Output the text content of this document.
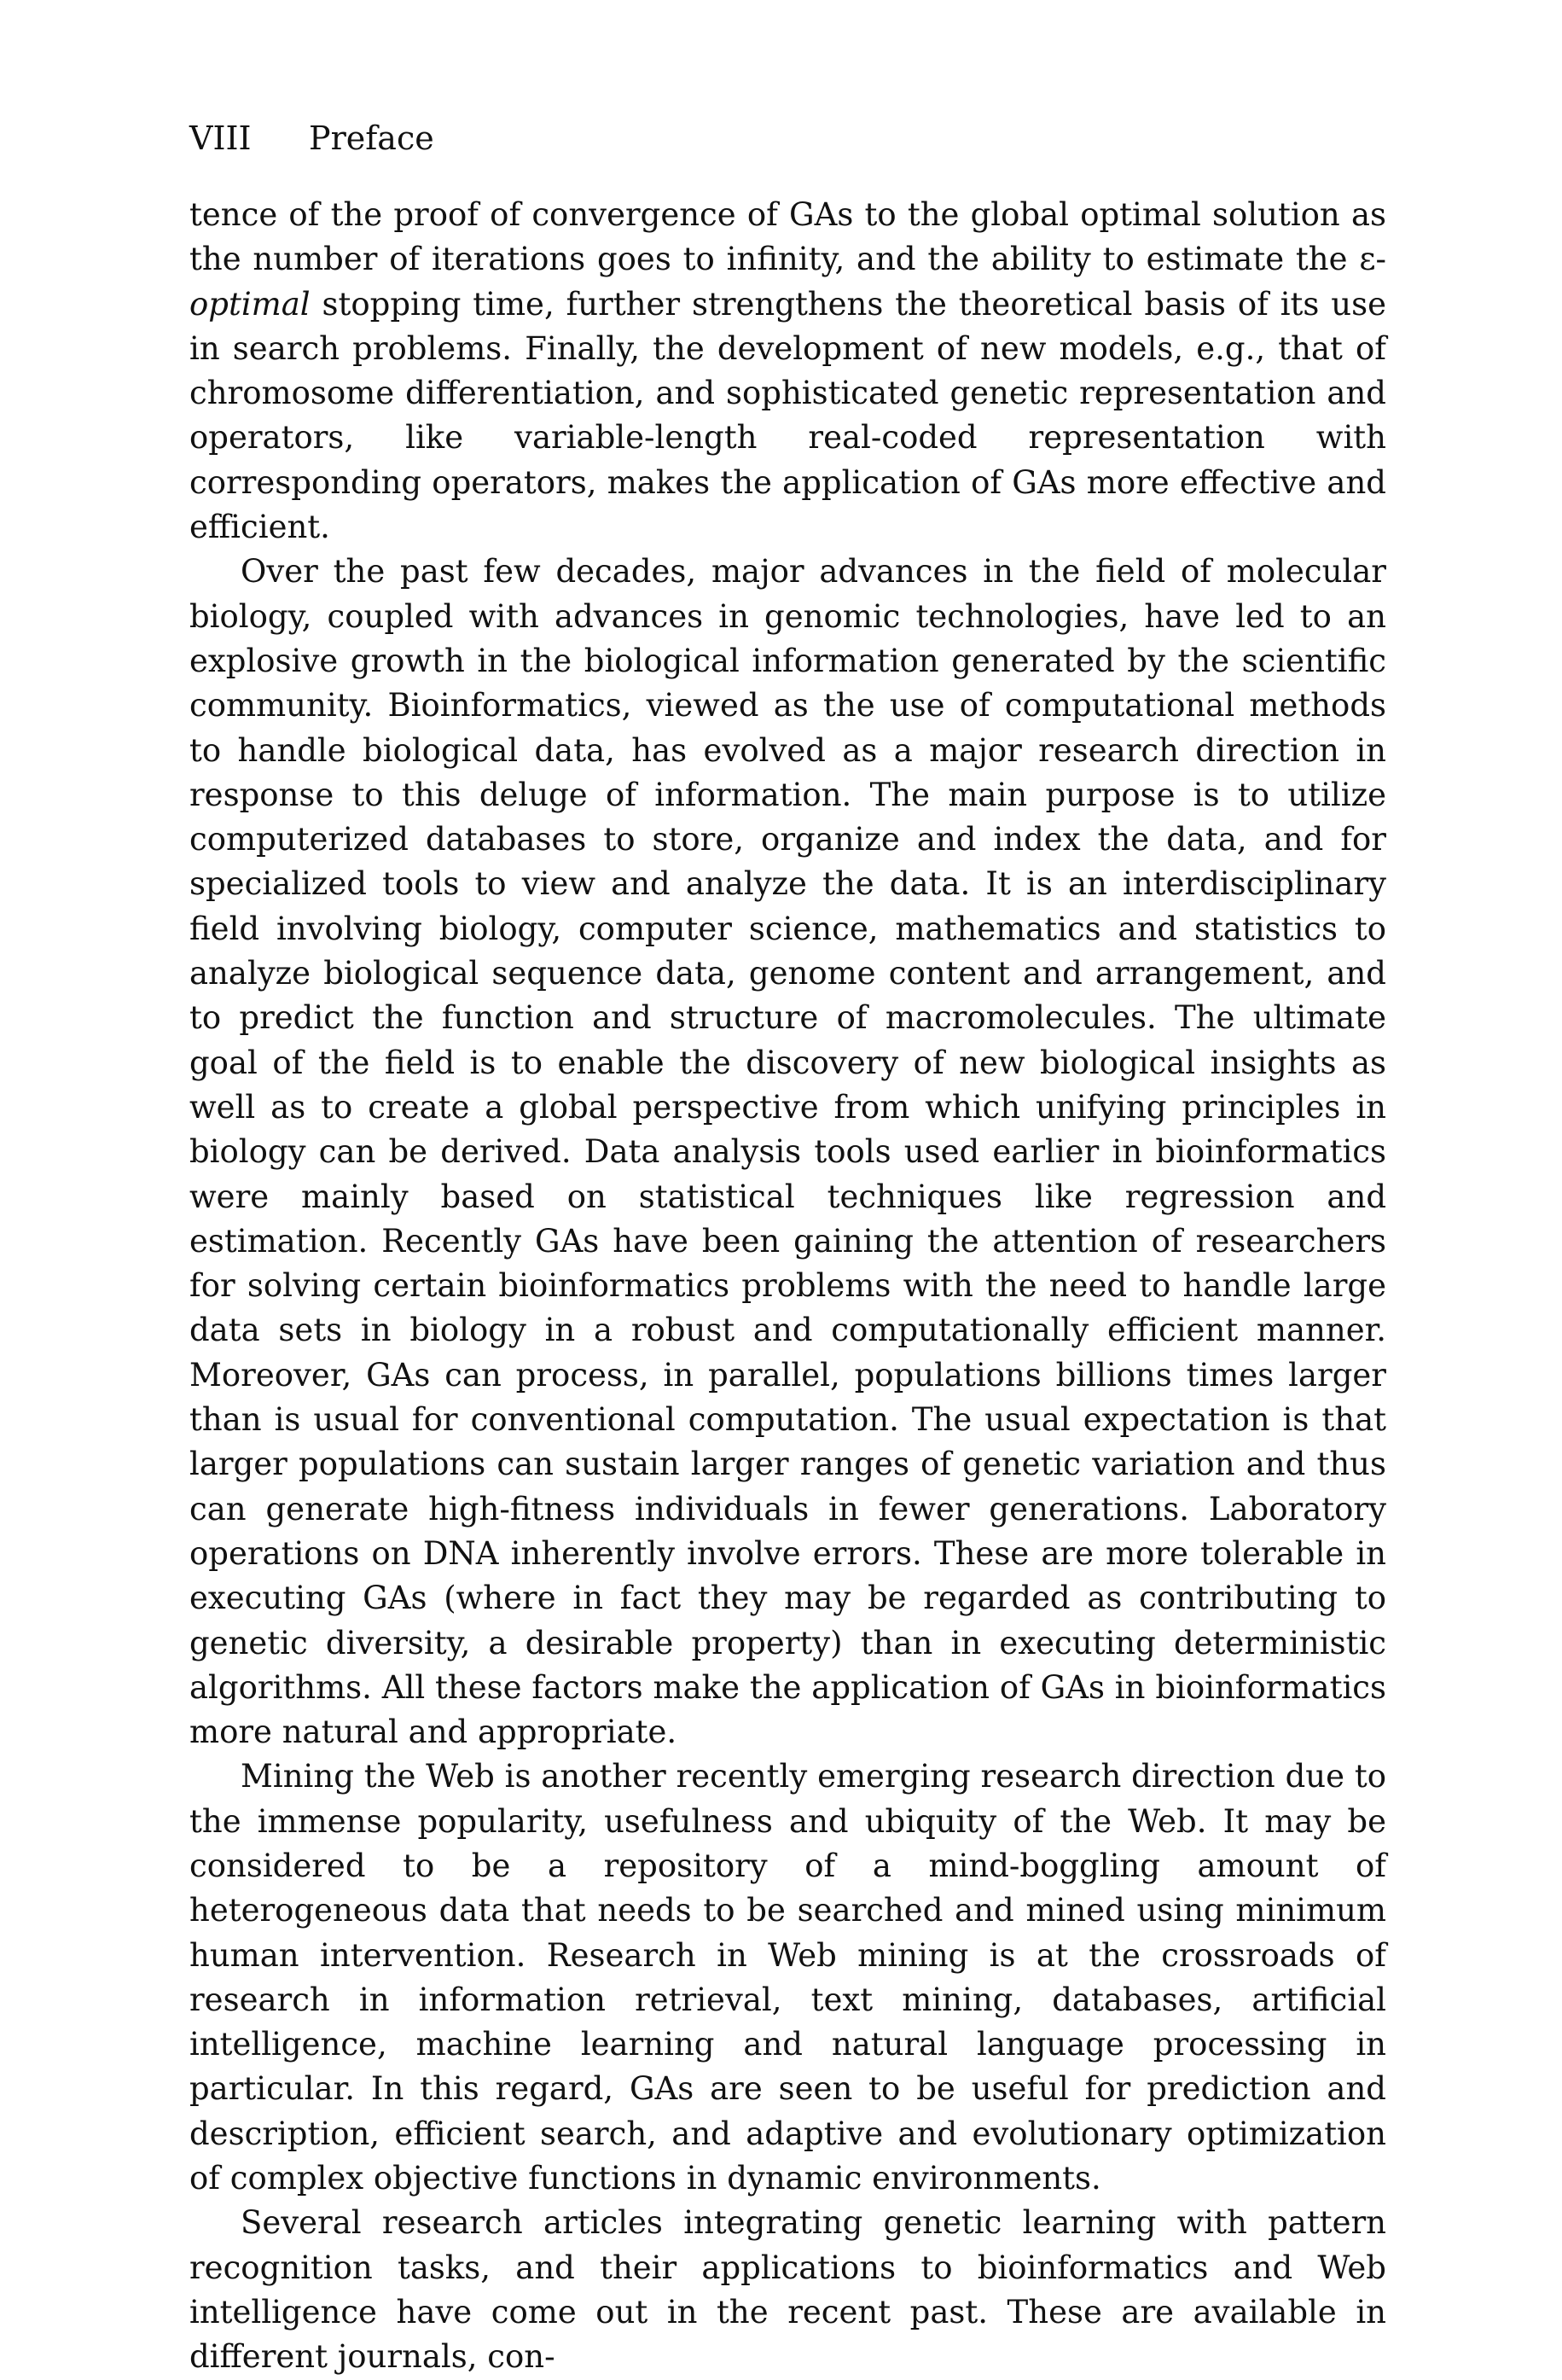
VIII Preface

tence of the proof of convergence of GAs to the global optimal solution as the number of iterations goes to infinity, and the ability to estimate the ε-optimal stopping time, further strengthens the theoretical basis of its use in search problems. Finally, the development of new models, e.g., that of chromosome differentiation, and sophisticated genetic representation and operators, like variable-length real-coded representation with corresponding operators, makes the application of GAs more effective and efficient.

Over the past few decades, major advances in the field of molecular biology, coupled with advances in genomic technologies, have led to an explosive growth in the biological information generated by the scientific community. Bioinformatics, viewed as the use of computational methods to handle biological data, has evolved as a major research direction in response to this deluge of information. The main purpose is to utilize computerized databases to store, organize and index the data, and for specialized tools to view and analyze the data. It is an interdisciplinary field involving biology, computer science, mathematics and statistics to analyze biological sequence data, genome content and arrangement, and to predict the function and structure of macromolecules. The ultimate goal of the field is to enable the discovery of new biological insights as well as to create a global perspective from which unifying principles in biology can be derived. Data analysis tools used earlier in bioinformatics were mainly based on statistical techniques like regression and estimation. Recently GAs have been gaining the attention of researchers for solving certain bioinformatics problems with the need to handle large data sets in biology in a robust and computationally efficient manner. Moreover, GAs can process, in parallel, populations billions times larger than is usual for conventional computation. The usual expectation is that larger populations can sustain larger ranges of genetic variation and thus can generate high-fitness individuals in fewer generations. Laboratory operations on DNA inherently involve errors. These are more tolerable in executing GAs (where in fact they may be regarded as contributing to genetic diversity, a desirable property) than in executing deterministic algorithms. All these factors make the application of GAs in bioinformatics more natural and appropriate.

Mining the Web is another recently emerging research direction due to the immense popularity, usefulness and ubiquity of the Web. It may be considered to be a repository of a mind-boggling amount of heterogeneous data that needs to be searched and mined using minimum human intervention. Research in Web mining is at the crossroads of research in information retrieval, text mining, databases, artificial intelligence, machine learning and natural language processing in particular. In this regard, GAs are seen to be useful for prediction and description, efficient search, and adaptive and evolutionary optimization of complex objective functions in dynamic environments.

Several research articles integrating genetic learning with pattern recognition tasks, and their applications to bioinformatics and Web intelligence have come out in the recent past. These are available in different journals, con-
